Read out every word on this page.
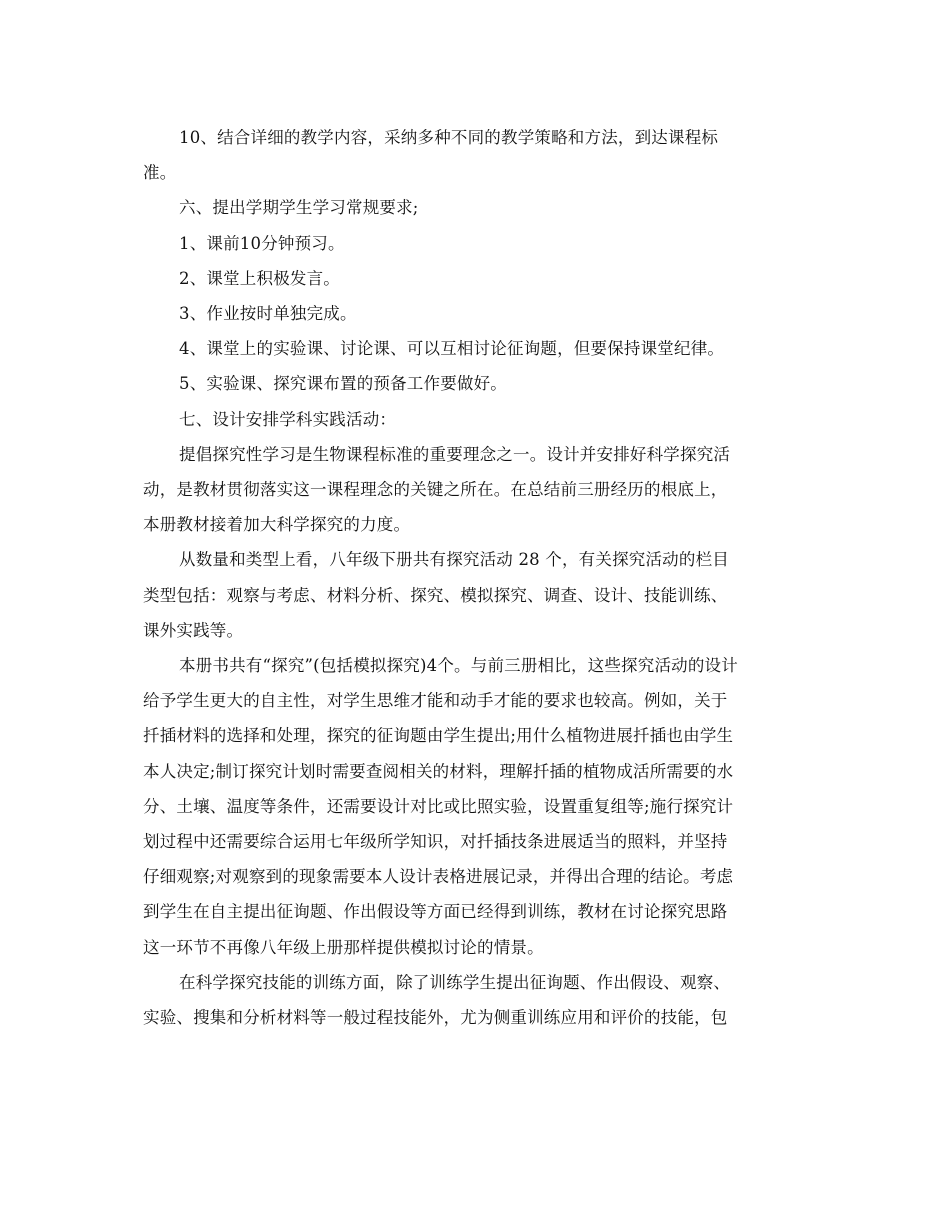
10、结合详细的教学内容，采纳多种不同的教学策略和方法，到达课程标

准。

六、提出学期学生学习常规要求;

1、课前10分钟预习。

2、课堂上积极发言。

3、作业按时单独完成。

4、课堂上的实验课、讨论课、可以互相讨论征询题，但要保持课堂纪律。

5、实验课、探究课布置的预备工作要做好。

七、设计安排学科实践活动：

提倡探究性学习是生物课程标准的重要理念之一。设计并安排好科学探究活

动，是教材贯彻落实这一课程理念的关键之所在。在总结前三册经历的根底上，

本册教材接着加大科学探究的力度。

从数量和类型上看，八年级下册共有探究活动 28 个，有关探究活动的栏目

类型包括：观察与考虑、材料分析、探究、模拟探究、调查、设计、技能训练、

课外实践等。

本册书共有“探究”(包括模拟探究)4个。与前三册相比，这些探究活动的设计

给予学生更大的自主性，对学生思维才能和动手才能的要求也较高。例如，关于

扦插材料的选择和处理，探究的征询题由学生提出;用什么植物进展扦插也由学生

本人决定;制订探究计划时需要查阅相关的材料，理解扦插的植物成活所需要的水

分、土壤、温度等条件，还需要设计对比或比照实验，设置重复组等;施行探究计

划过程中还需要综合运用七年级所学知识，对扦插技条进展适当的照料，并坚持

仔细观察;对观察到的现象需要本人设计表格进展记录，并得出合理的结论。考虑

到学生在自主提出征询题、作出假设等方面已经得到训练，教材在讨论探究思路

这一环节不再像八年级上册那样提供模拟讨论的情景。

在科学探究技能的训练方面，除了训练学生提出征询题、作出假设、观察、

实验、搜集和分析材料等一般过程技能外，尤为侧重训练应用和评价的技能，包
